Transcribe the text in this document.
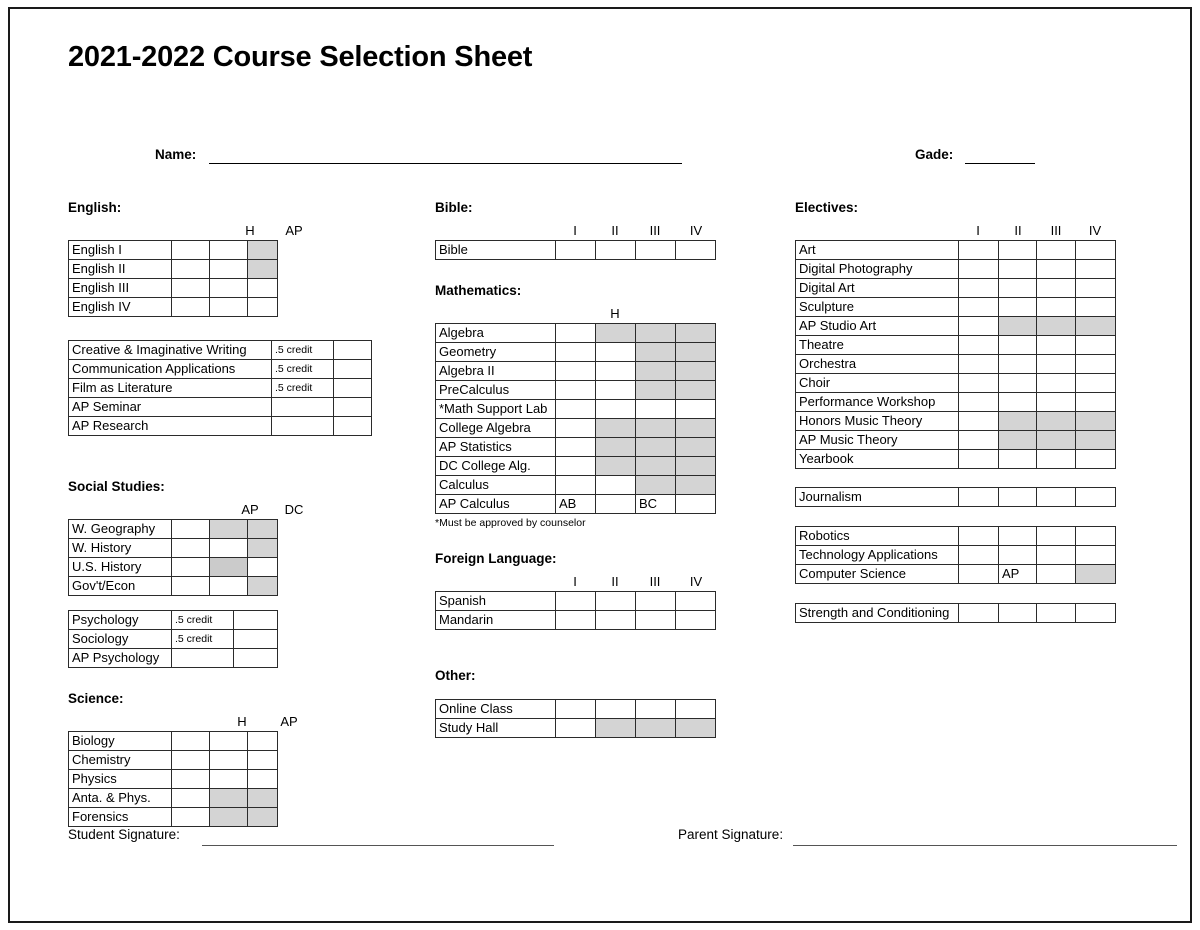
2021-2022 Course Selection Sheet
Name:	Gade:
English:
H	AP
English I			
English II			
English III			
English IV			
Creative & Imaginative Writing	.5 credit	
Communication Applications	.5 credit	
Film as Literature	.5 credit	
AP Seminar		
AP Research		
Social Studies:
AP	DC
W. Geography			
W. History			
U.S. History			
Gov't/Econ			
Psychology	.5 credit	
Sociology	.5 credit	
AP Psychology		
Science:
H	AP
Biology			
Chemistry			
Physics			
Anta. & Phys.			
Forensics			
Bible:
I	II	III	IV
Bible				
Mathematics:
H
Algebra				
Geometry				
Algebra II				
PreCalculus				
*Math Support Lab				
College Algebra				
AP Statistics				
DC College Alg.				
Calculus				
AP Calculus	AB		BC	
*Must be approved by counselor
Foreign Language:
I	II	III	IV
Spanish				
Mandarin				
Other:
Online Class				
Study Hall				
Electives:
I	II	III	IV
Art				
Digital Photography				
Digital Art				
Sculpture				
AP Studio Art				
Theatre				
Orchestra				
Choir				
Performance Workshop				
Honors Music Theory				
AP Music Theory				
Yearbook				
Journalism				
Robotics				
Technology Applications				
Computer Science		AP		
Strength and Conditioning				
Student Signature:	Parent Signature:
